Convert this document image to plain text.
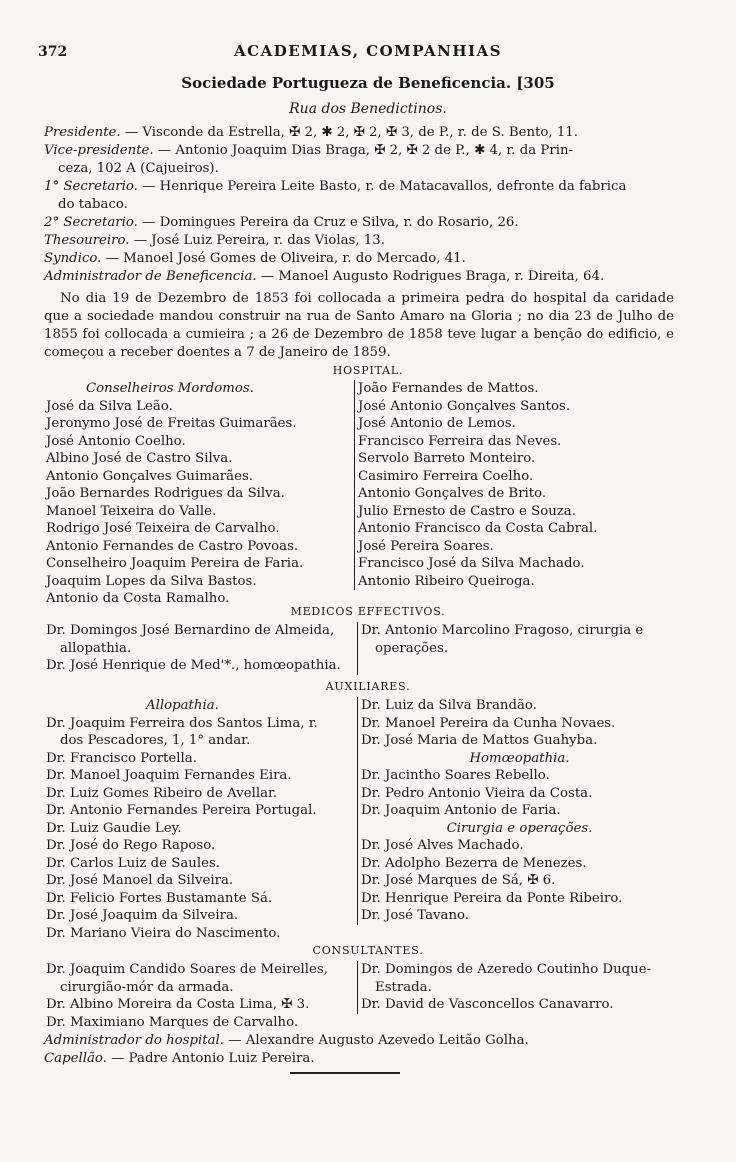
372	ACADEMIAS, COMPANHIAS
Sociedade Portugueza de Beneficencia. [305
Rua dos Benedictinos.
Presidente. — Visconde da Estrella, ✠ 2, ✱ 2, ✠ 2, ✠ 3, de P., r. de S. Bento, 11.
Vice-presidente. — Antonio Joaquim Dias Braga, ✠ 2, ✠ 2 de P., ✱ 4, r. da Prin-
ceza, 102 A (Cajueiros).
1° Secretario. — Henrique Pereira Leite Basto, r. de Matacavallos, defronte da fabrica
do tabaco.
2° Secretario. — Domingues Pereira da Cruz e Silva, r. do Rosario, 26.
Thesoureiro. — José Luiz Pereira, r. das Violas, 13.
Syndico. — Manoel José Gomes de Oliveira, r. do Mercado, 41.
Administrador de Beneficencia. — Manoel Augusto Rodrigues Braga, r. Direita, 64.
No dia 19 de Dezembro de 1853 foi collocada a primeira pedra do hospital da caridade que a sociedade mandou construir na rua de Santo Amaro na Gloria ; no dia 23 de Julho de 1855 foi collocada a cumieira ; a 26 de Dezembro de 1858 teve lugar a benção do edificio, e começou a receber doentes a 7 de Janeiro de 1859.
HOSPITAL.
Conselheiros Mordomos.
José da Silva Leão.
Jeronymo José de Freitas Guimarães.
José Antonio Coelho.
Albino José de Castro Silva.
Antonio Gonçalves Guimarães.
João Bernardes Rodrigues da Silva.
Manoel Teixeira do Valle.
Rodrigo José Teixeira de Carvalho.
Antonio Fernandes de Castro Povoas.
Conselheiro Joaquim Pereira de Faria.
Joaquim Lopes da Silva Bastos.
Antonio da Costa Ramalho.
João Fernandes de Mattos.
José Antonio Gonçalves Santos.
José Antonio de Lemos.
Francisco Ferreira das Neves.
Servolo Barreto Monteiro.
Casimiro Ferreira Coelho.
Antonio Gonçalves de Brito.
Julio Ernesto de Castro e Souza.
Antonio Francisco da Costa Cabral.
José Pereira Soares.
Francisco José da Silva Machado.
Antonio Ribeiro Queiroga.
MEDICOS EFFECTIVOS.
Dr. Domingos José Bernardino de Almeida,
allopathia.
Dr. José Henrique de Med'*., homœopathia.
Dr. Antonio Marcolino Fragoso, cirurgia e
operações.

AUXILIARES.
Allopathia.
Dr. Joaquim Ferreira dos Santos Lima, r.
dos Pescadores, 1, 1° andar.
Dr. Francisco Portella.
Dr. Manoel Joaquim Fernandes Eira.
Dr. Luiz Gomes Ribeiro de Avellar.
Dr. Antonio Fernandes Pereira Portugal.
Dr. Luiz Gaudie Ley.
Dr. José do Rego Raposo.
Dr. Carlos Luiz de Saules.
Dr. José Manoel da Silveira.
Dr. Felicio Fortes Bustamante Sá.
Dr. José Joaquim da Silveira.
Dr. Mariano Vieira do Nascimento.
Dr. Luiz da Silva Brandão.
Dr. Manoel Pereira da Cunha Novaes.
Dr. José Maria de Mattos Guahyba.
Homœopathia.
Dr. Jacintho Soares Rebello.
Dr. Pedro Antonio Vieira da Costa.
Dr. Joaquim Antonio de Faria.
Cirurgia e operações.
Dr. José Alves Machado.
Dr. Adolpho Bezerra de Menezes.
Dr. José Marques de Sá, ✠ 6.
Dr. Henrique Pereira da Ponte Ribeiro.
Dr. José Tavano.
CONSULTANTES.
Dr. Joaquim Candido Soares de Meirelles,
cirurgião-mór da armada.
Dr. Albino Moreira da Costa Lima, ✠ 3.
Dr. Maximiano Marques de Carvalho.
Dr. Domingos de Azeredo Coutinho Duque-
Estrada.
Dr. David de Vasconcellos Canavarro.
Administrador do hospital. — Alexandre Augusto Azevedo Leitão Golha.
Capellão. — Padre Antonio Luiz Pereira.
